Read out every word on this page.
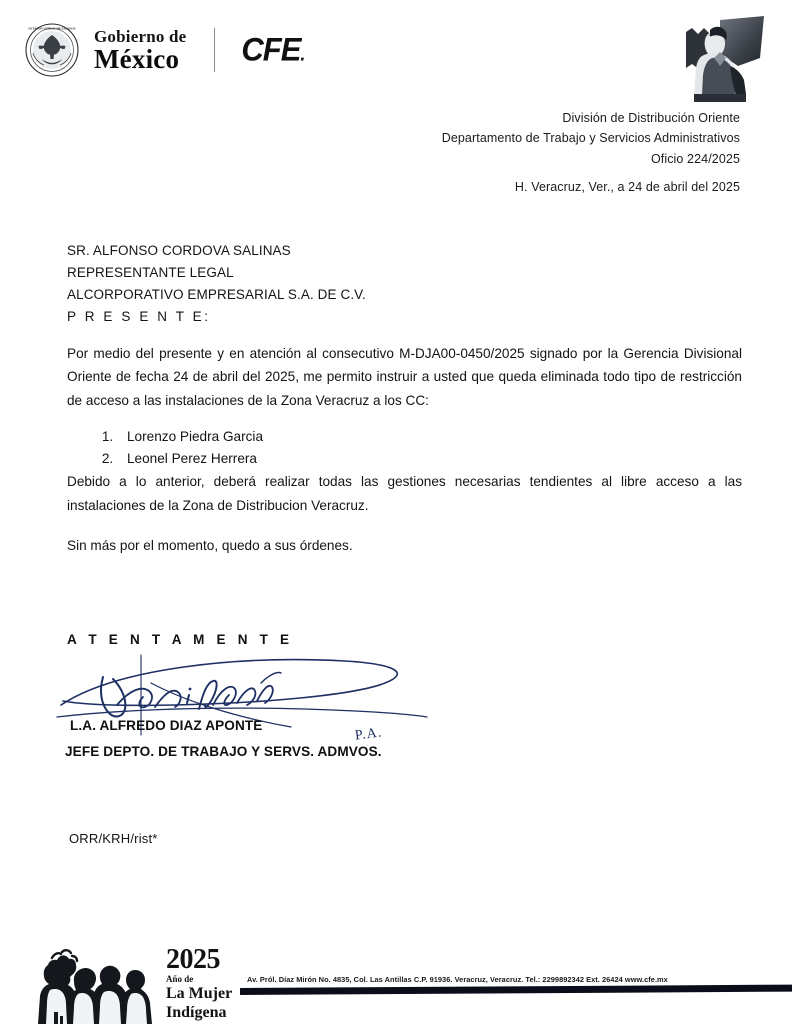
ESTADOS UNIDOS MEXICANOS Gobierno de
México CFE.
División de Distribución Oriente
Departamento de Trabajo y Servicios Administrativos
Oficio 224/2025
H. Veracruz, Ver., a 24 de abril del 2025
SR. ALFONSO CORDOVA SALINAS
REPRESENTANTE LEGAL
ALCORPORATIVO EMPRESARIAL S.A. DE C.V.
P R E S E N T E:

Por medio del presente y en atención al consecutivo M-DJA00-0450/2025 signado por la Gerencia Divisional Oriente de fecha 24 de abril del 2025, me permito instruir a usted que queda eliminada todo tipo de restricción de acceso a las instalaciones de la Zona Veracruz a los CC:

1. Lorenzo Piedra Garcia
2. Leonel Perez Herrera

Debido a lo anterior, deberá realizar todas las gestiones necesarias tendientes al libre acceso a las instalaciones de la Zona de Distribucion Veracruz.

Sin más por el momento, quedo a sus órdenes.

A T E N T A M E N T E
P.A.
L.A. ALFREDO DIAZ APONTE
JEFE DEPTO. DE TRABAJO Y SERVS. ADMVOS.
ORR/KRH/rist*
2025
Año de
La Mujer
Indígena
Av. Pról. Díaz Mirón No. 4835, Col. Las Antillas C.P. 91936. Veracruz, Veracruz. Tel.: 2299892342 Ext. 26424 www.cfe.mx
